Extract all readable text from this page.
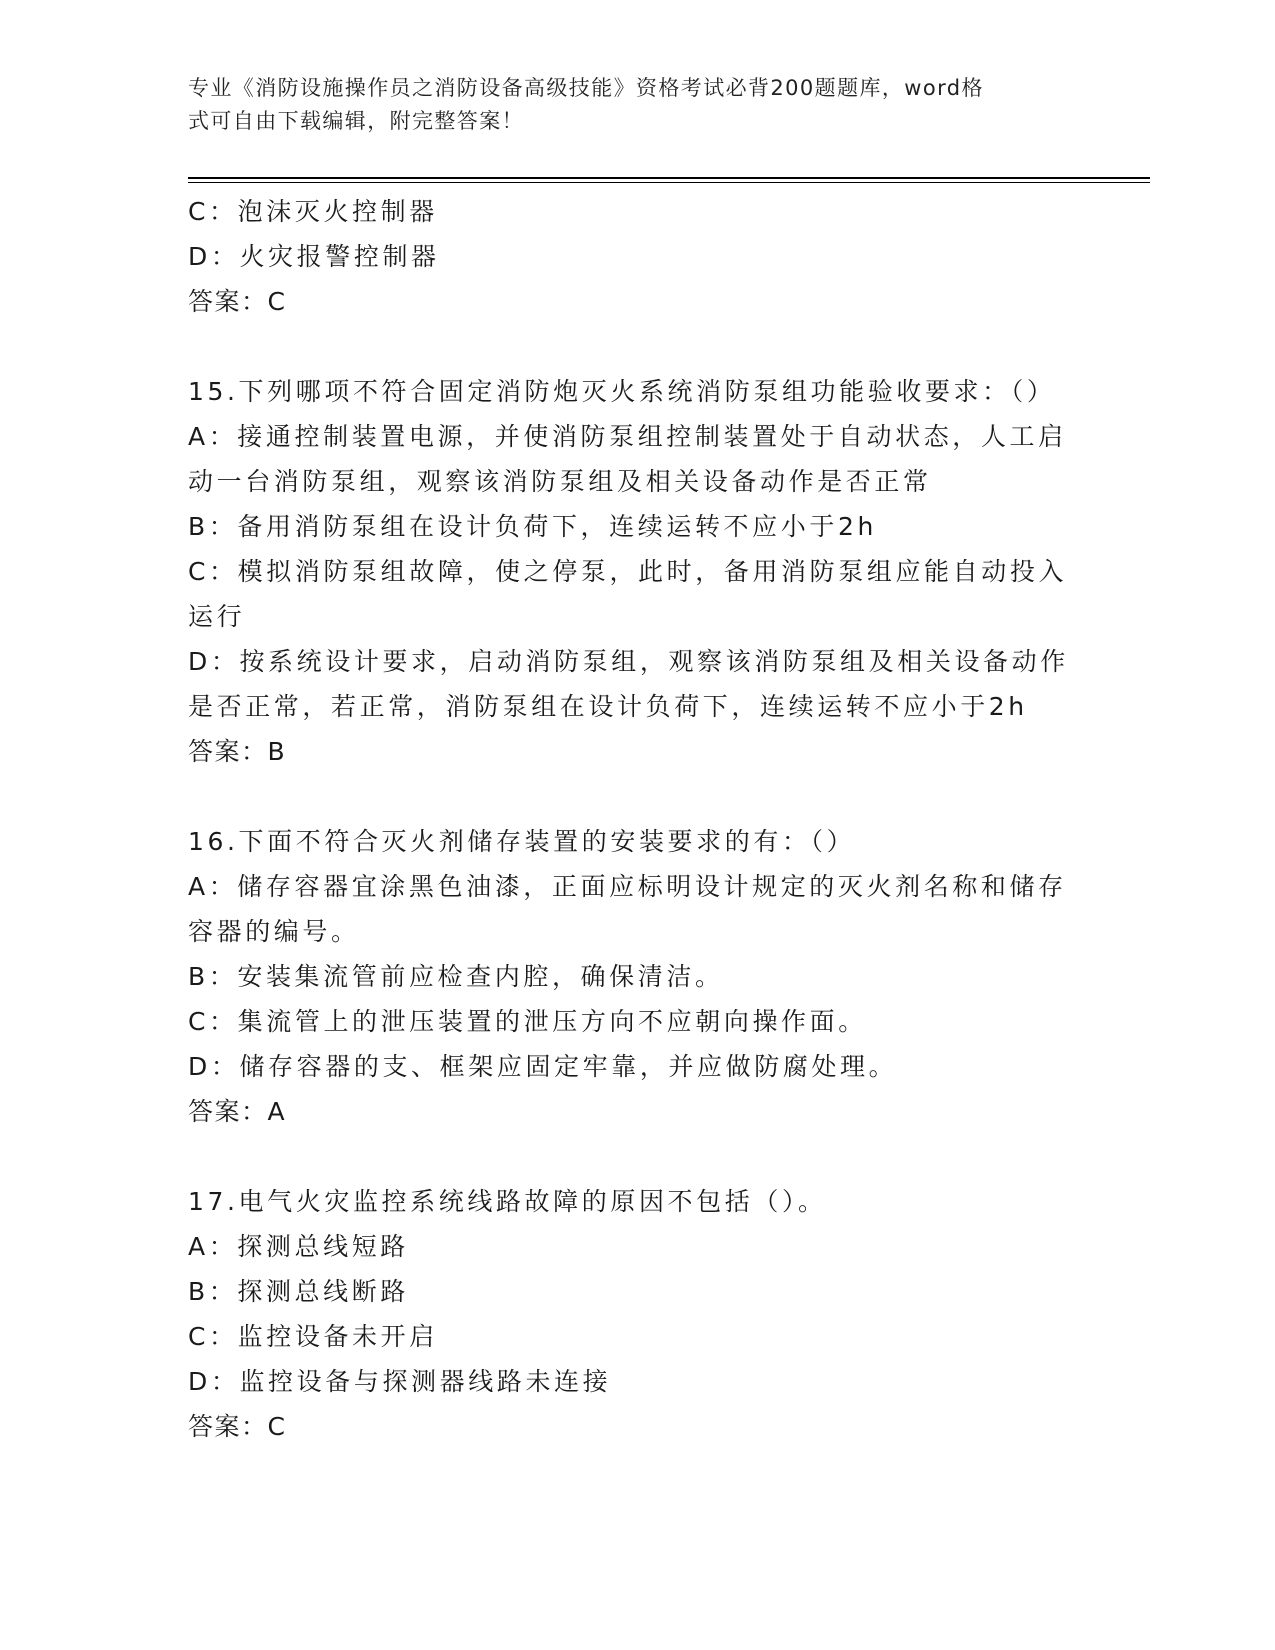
专业《消防设施操作员之消防设备高级技能》资格考试必背200题题库，word格
式可自由下载编辑，附完整答案！

C：泡沫灭火控制器

D：火灾报警控制器

答案：C

15.下列哪项不符合固定消防炮灭火系统消防泵组功能验收要求：（）

A：接通控制装置电源，并使消防泵组控制装置处于自动状态，人工启

动一台消防泵组，观察该消防泵组及相关设备动作是否正常

B：备用消防泵组在设计负荷下，连续运转不应小于2h

C：模拟消防泵组故障，使之停泵，此时，备用消防泵组应能自动投入

运行

D：按系统设计要求，启动消防泵组，观察该消防泵组及相关设备动作

是否正常，若正常，消防泵组在设计负荷下，连续运转不应小于2h

答案：B

16.下面不符合灭火剂储存装置的安装要求的有：（）

A：储存容器宜涂黑色油漆，正面应标明设计规定的灭火剂名称和储存

容器的编号。

B：安装集流管前应检查内腔，确保清洁。

C：集流管上的泄压装置的泄压方向不应朝向操作面。

D：储存容器的支、框架应固定牢靠，并应做防腐处理。

答案：A

17.电气火灾监控系统线路故障的原因不包括（）。

A：探测总线短路

B：探测总线断路

C：监控设备未开启

D：监控设备与探测器线路未连接

答案：C
